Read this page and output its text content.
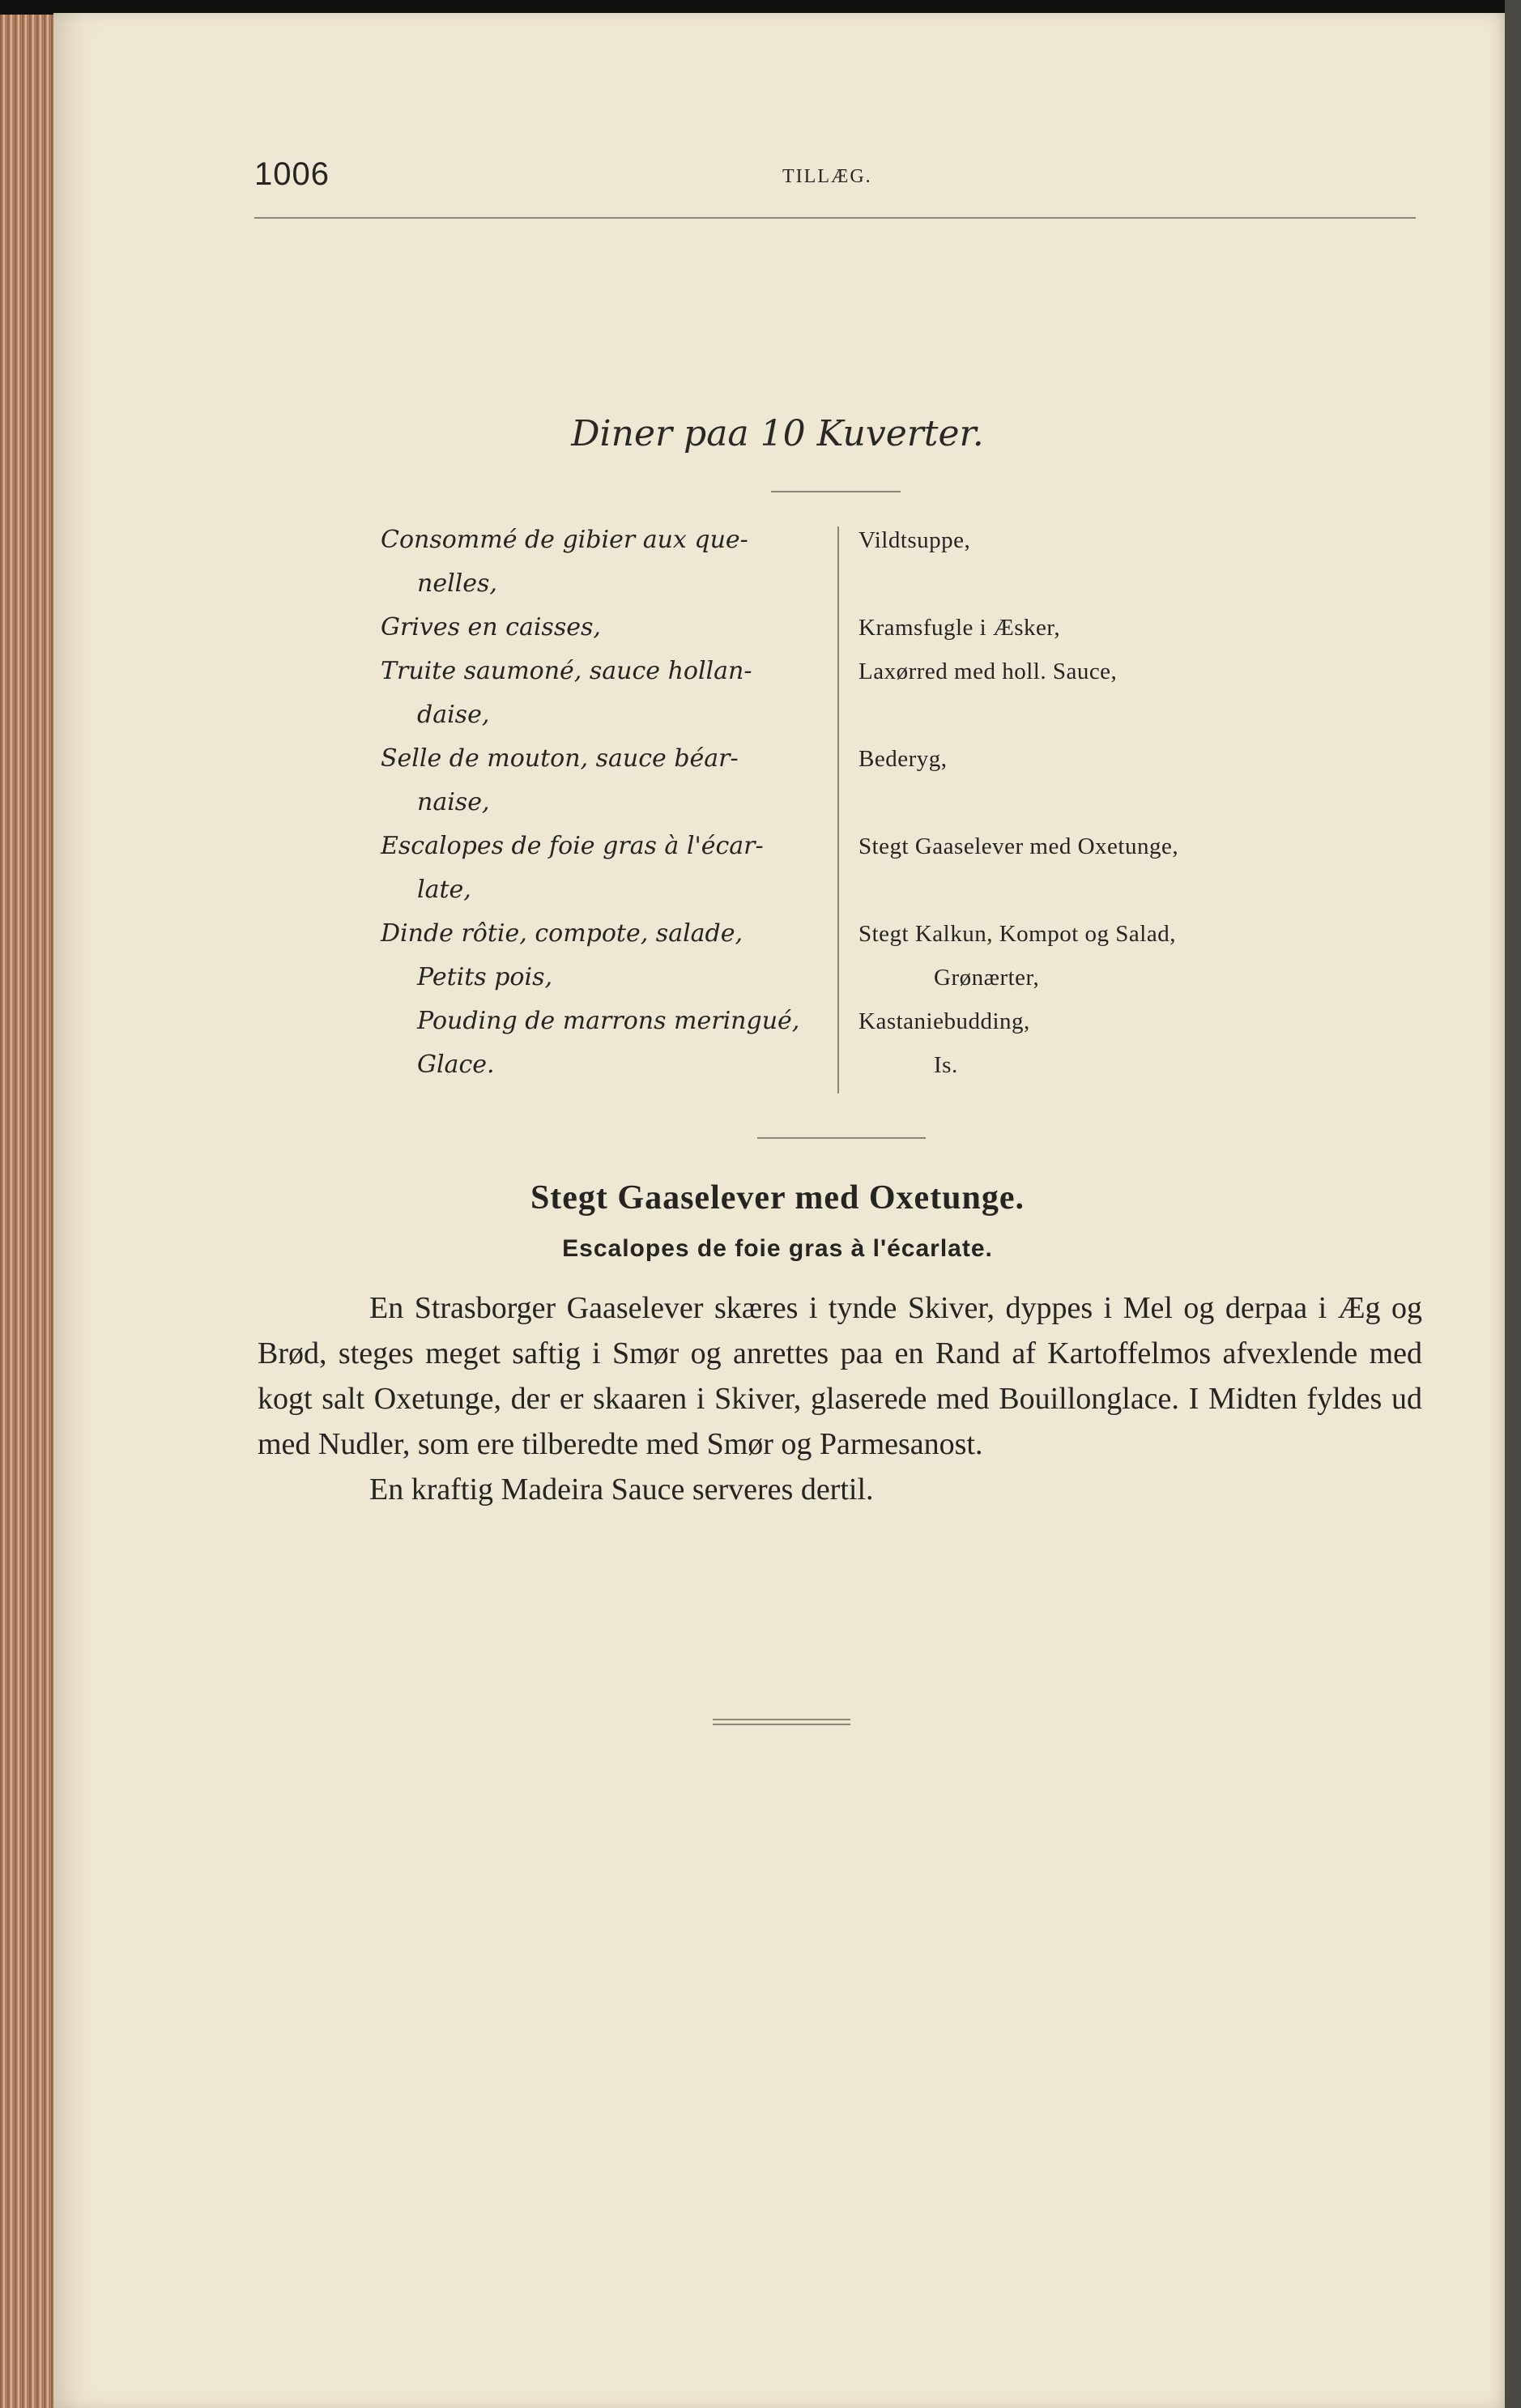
1006	TILLÆG.
Diner paa 10 Kuverter.
Consommé de gibier aux que-
nelles,
Grives en caisses,
Truite saumoné, sauce hollan-
daise,
Selle de mouton, sauce béar-
naise,
Escalopes de foie gras à l'écar-
late,
Dinde rôtie, compote, salade,
Petits pois,
Pouding de marrons meringué,
Glace.
Vildtsuppe,
Kramsfugle i Æsker,
Laxørred med holl. Sauce,
Bederyg,
Stegt Gaaselever med Oxetunge,
Stegt Kalkun, Kompot og Salad,
Grønærter,
Kastaniebudding,
Is.
Stegt Gaaselever med Oxetunge.
Escalopes de foie gras à l'écarlate.

En Strasborger Gaaselever skæres i tynde Skiver, dyppes i Mel og derpaa i Æg og Brød, steges meget saftig i Smør og anrettes paa en Rand af Kartoffelmos afvexlende med kogt salt Oxetunge, der er skaaren i Skiver, glaserede med Bouillonglace. I Midten fyldes ud med Nudler, som ere tilberedte med Smør og Parmesanost.

En kraftig Madeira Sauce serveres dertil.
